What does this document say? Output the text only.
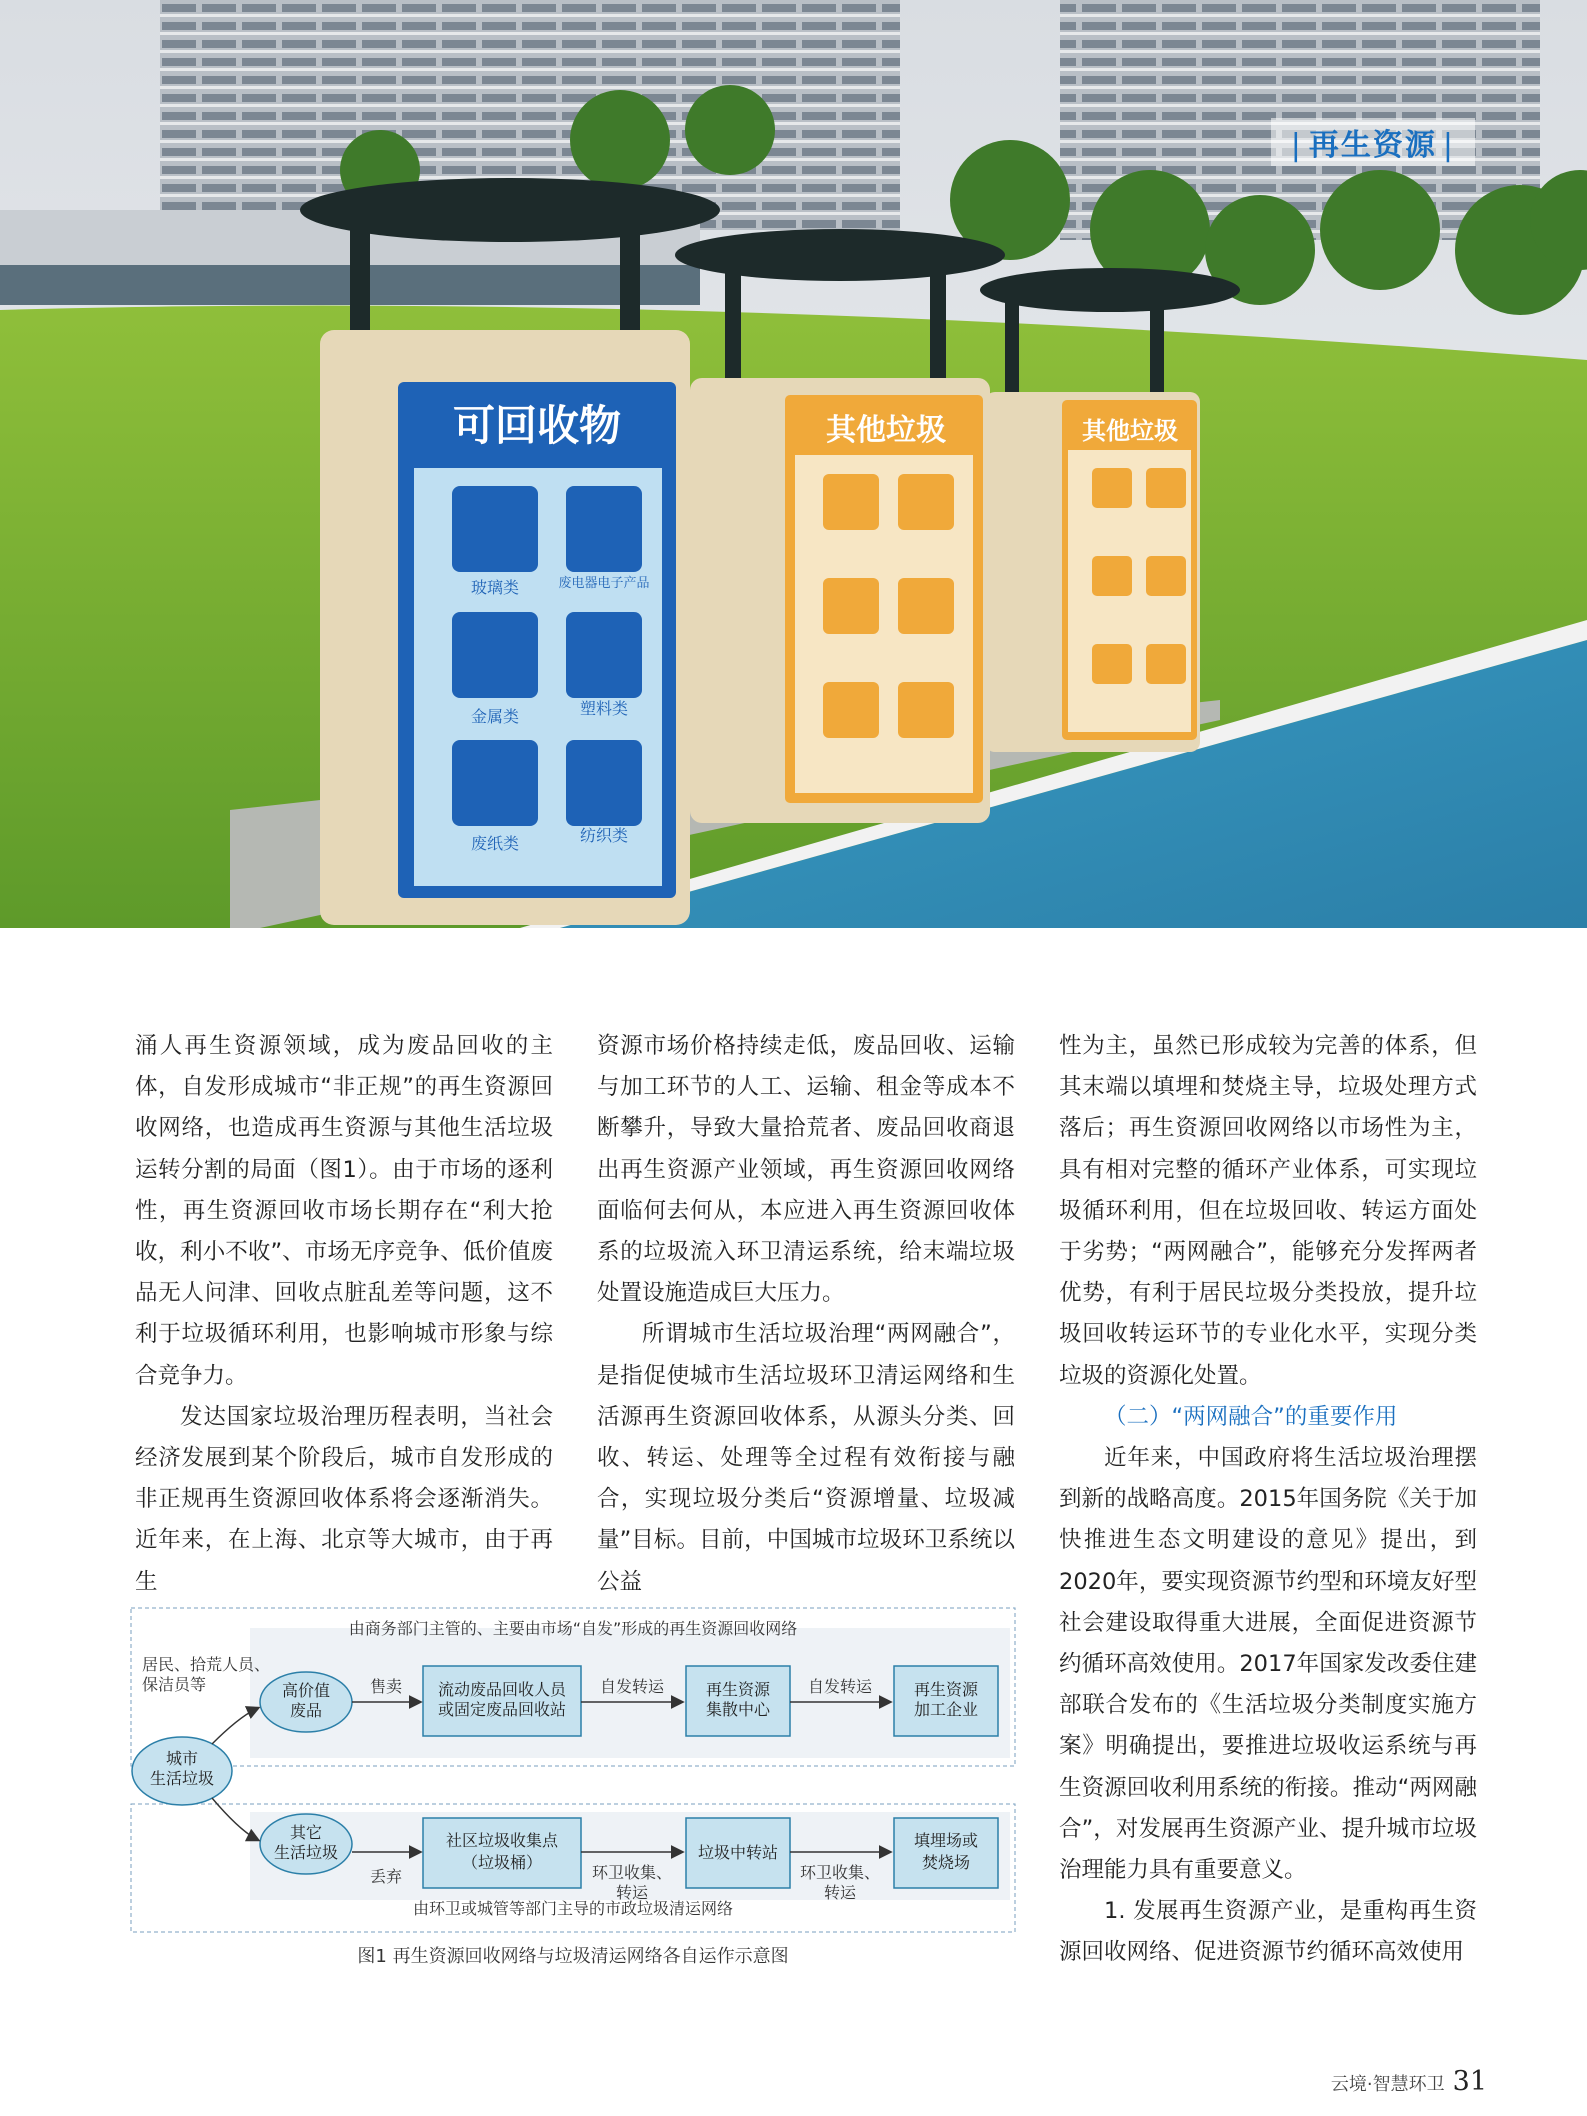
可回收物
玻璃类	废电器电子产品
金属类	塑料类
废纸类	纺织类
其他垃圾	其他垃圾
| 再生资源 |

涌人再生资源领域，成为废品回收的主体，自发形成城市“非正规”的再生资源回收网络，也造成再生资源与其他生活垃圾运转分割的局面（图1）。由于市场的逐利性，再生资源回收市场长期存在“利大抢收，利小不收”、市场无序竞争、低价值废品无人问津、回收点脏乱差等问题，这不利于垃圾循环利用，也影响城市形象与综合竞争力。

发达国家垃圾治理历程表明，当社会经济发展到某个阶段后，城市自发形成的非正规再生资源回收体系将会逐渐消失。近年来，在上海、北京等大城市，由于再生

资源市场价格持续走低，废品回收、运输与加工环节的人工、运输、租金等成本不断攀升，导致大量拾荒者、废品回收商退出再生资源产业领域，再生资源回收网络面临何去何从，本应进入再生资源回收体系的垃圾流入环卫清运系统，给末端垃圾处置设施造成巨大压力。

所谓城市生活垃圾治理“两网融合”，是指促使城市生活垃圾环卫清运网络和生活源再生资源回收体系，从源头分类、回收、转运、处理等全过程有效衔接与融合，实现垃圾分类后“资源增量、垃圾减量”目标。目前，中国城市垃圾环卫系统以公益

性为主，虽然已形成较为完善的体系，但其末端以填埋和焚烧主导，垃圾处理方式落后；再生资源回收网络以市场性为主，具有相对完整的循环产业体系，可实现垃圾循环利用，但在垃圾回收、转运方面处于劣势；“两网融合”，能够充分发挥两者优势，有利于居民垃圾分类投放，提升垃圾回收转运环节的专业化水平，实现分类垃圾的资源化处置。

（二）“两网融合”的重要作用

近年来，中国政府将生活垃圾治理摆到新的战略高度。2015年国务院《关于加快推进生态文明建设的意见》提出，到2020年，要实现资源节约型和环境友好型社会建设取得重大进展，全面促进资源节约循环高效使用。2017年国家发改委住建部联合发布的《生活垃圾分类制度实施方案》明确提出，要推进垃圾收运系统与再生资源回收利用系统的衔接。推动“两网融合”，对发展再生资源产业、提升城市垃圾治理能力具有重要意义。

1. 发展再生资源产业，是重构再生资源回收网络、促进资源节约循环高效使用

由商务部门主管的、主要由市场“自发”形成的再生资源回收网络
由环卫或城管等部门主导的市政垃圾清运网络
居民、拾荒人员、
保洁员等
城市
生活垃圾
高价值
废品
其它
生活垃圾
流动废品回收人员
或固定废品回收站
再生资源
集散中心
再生资源
加工企业
社区垃圾收集点
（垃圾桶）
垃圾中转站
填埋场或
焚烧场
售卖	自发转运	自发转运
丢弃	环卫收集、
转运
环卫收集、
转运
图1 再生资源回收网络与垃圾清运网络各自运作示意图
云境·智慧环卫 31
